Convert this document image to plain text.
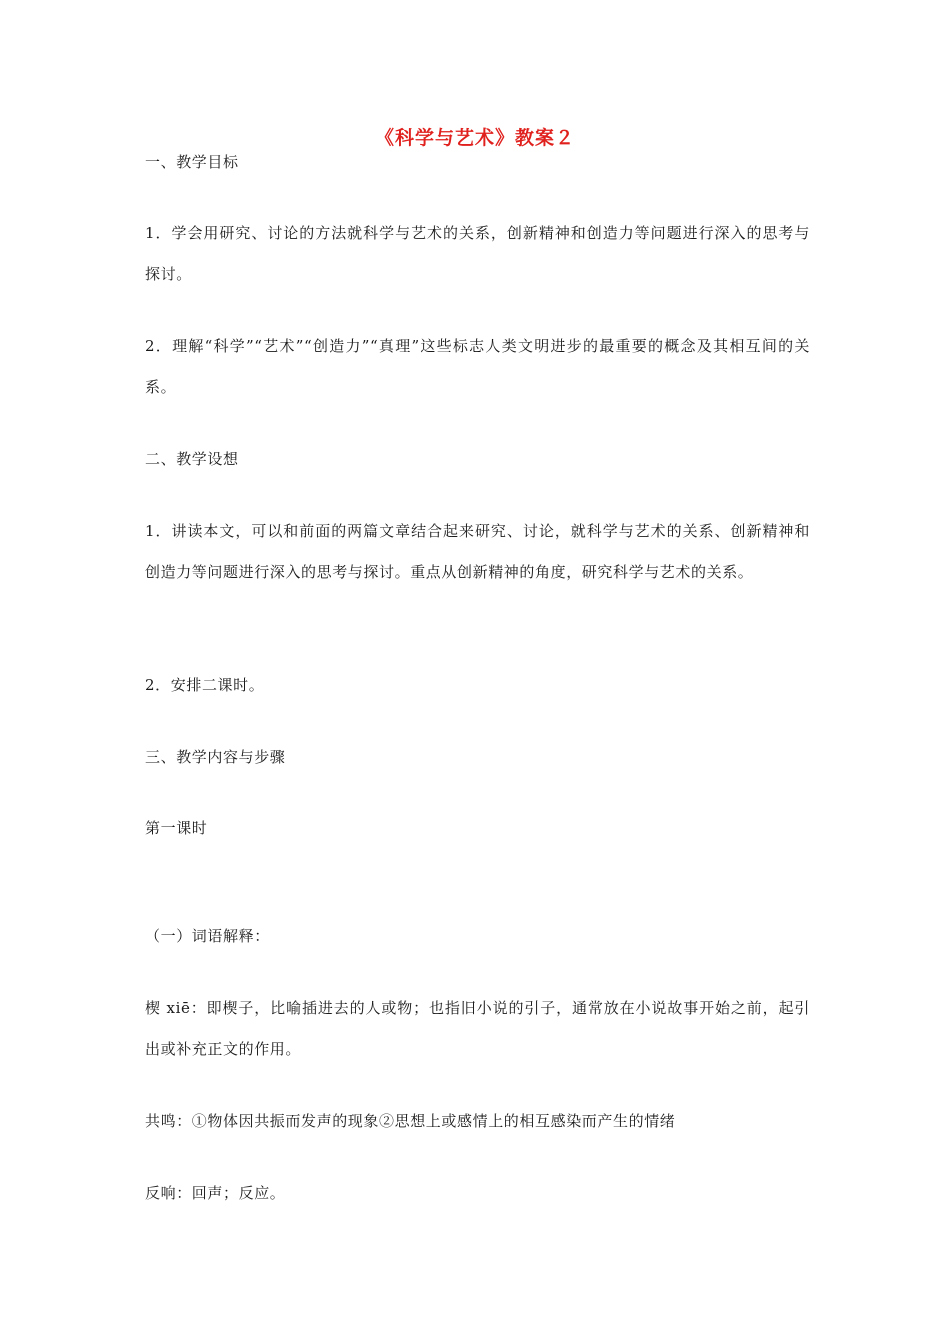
《科学与艺术》教案２
一、教学目标
1．学会用研究、讨论的方法就科学与艺术的关系，创新精神和创造力等问题进行深入的思考与探讨。
2．理解“科学”“艺术”“创造力”“真理”这些标志人类文明进步的最重要的概念及其相互间的关系。
二、教学设想
1．讲读本文，可以和前面的两篇文章结合起来研究、讨论，就科学与艺术的关系、创新精神和创造力等问题进行深入的思考与探讨。重点从创新精神的角度，研究科学与艺术的关系。
2．安排二课时。
三、教学内容与步骤
第一课时
（一）词语解释：
楔 xiē：即楔子，比喻插进去的人或物；也指旧小说的引子，通常放在小说故事开始之前，起引出或补充正文的作用。
共鸣：①物体因共振而发声的现象②思想上或感情上的相互感染而产生的情绪
反响：回声；反应。
